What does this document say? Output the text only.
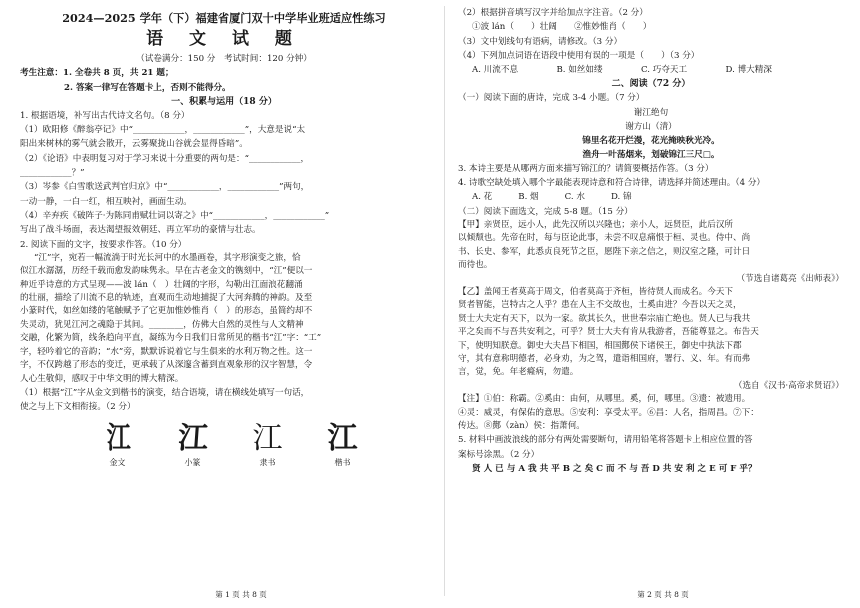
2024—2025 学年（下）福建省厦门双十中学毕业班适应性练习
语 文 试 题
（试卷满分：150 分　考试时间：120 分钟）
考生注意：1. 全卷共 8 页，共 21 题；
2. 答案一律写在答题卡上，否则不能得分。
一、积累与运用（18 分）
1. 根据语境，补写出古代诗文名句。（8 分）
（1）欧阳修《醉翁亭记》中“____________，____________”，大意是说“太
阳出来树林的雾气就会散开，云雾聚拢山谷就会显得昏暗”。
（2）《论语》中表明复习对于学习来说十分重要的两句是：“____________，
____________？”
（3）岑参《白雪歌送武判官归京》中“____________，____________”两句，
一动一静，一白一红，相互映衬，画面生动。
（4）辛弃疾《破阵子·为陈同甫赋壮词以寄之》中“____________，____________”
写出了战斗场面，表达渴望报效朝廷、再立军功的豪情与壮志。
2. 阅读下面的文字，按要求作答。（10 分）
“江”字，宛若一幅流淌于时光长河中的水墨画卷，其字形演变之旅，恰
似江水潺潺，历经千载而愈发韵味隽永。早在古老金文的镌刻中，“江”便以一
种近乎诗意的方式呈现——波 lán（　）壮阔的字形，勾勒出江面浪花翻涌
的壮丽，描绘了川流不息的轨迹，直观而生动地捕捉了大河奔腾的神韵。及至
小篆时代，如丝如缕的笔触赋予了它更加惟妙惟肖（　）的形态，虽简约却不
失灵动，犹见江河之魂隐于其间。________，仿佛大自然的灵性与人文精神
交融，化繁为简，线条趋向平直，凝练为今日我们日常所见的楷书“江”字：“工”
字，轻吟着它的音韵；“水”旁，默默诉说着它与生俱来的水利万物之性。这一
字，不仅跨越了形态的变迁，更承载了从深邃含蓄到直观象形的汉字智慧，令
人心生敬仰，感叹于中华文明的博大精深。
（1）根据“江”字从金文到楷书的演变，结合语境，请在横线处填写一句话，
使之与上下文相衔接。（2 分）
江	江	江	江
金文	小篆	隶书	楷书
第 1 页 共 8 页
（2）根据拼音填写汉字并给加点字注音。（2 分）
①波 lán（　　）壮阔　　②惟妙惟肖（　　）
（3）文中划线句有语病，请修改。（3 分）
（4）下列加点词语在语段中使用有误的一项是（　　）（3 分）
A. 川流不息	B. 如丝如缕	C. 巧夺天工	D. 博大精深
二、阅读（72 分）
（一）阅读下面的唐诗，完成 3-4 小题。（7 分）
谢江绝句
谢方山（清）
锦里名花开烂漫，花光掩映秋光冷。
渔舟一叶荡烟来，划破锦江三尺□。
3. 本诗主要是从哪两方面来描写锦江的？请简要概括作答。（3 分）
4. 诗歌空缺处填入哪个字最能表现诗意和符合诗律，请选择并简述理由。（4 分）
A. 花	B. 烟	C. 水	D. 锦
（二）阅读下面选文，完成 5-8 题。（15 分）
【甲】亲贤臣，远小人，此先汉所以兴隆也；亲小人，远贤臣，此后汉所
以倾颓也。先帝在时，每与臣论此事，未尝不叹息痛恨于桓、灵也。侍中、尚
书、长史、参军，此悉贞良死节之臣，愿陛下亲之信之，则汉室之隆，可计日
而待也。
（节选自诸葛亮《出师表》）
【乙】盖闻王者莫高于周文，伯者莫高于齐桓，皆待贤人而成名。今天下
贤者智能，岂特古之人乎？患在人主不交故也，士奚由进？今吾以天之灵，
贤士大夫定有天下，以为一家。欲其长久，世世奉宗庙亡绝也。贤人已与我共
平之矣而不与吾共安利之，可乎？贤士大夫有肯从我游者，吾能尊显之。布告天
下，使明知朕意。御史大夫昌下相国，相国酂侯下诸侯王，御史中执法下郡
守，其有意称明德者，必身劝，为之驾，遣诣相国府，署行、义、年。有而弗
言，觉，免。年老癃病，勿遣。
（选自《汉书·高帝求贤诏》）
【注】①伯：称霸。②奚由：由何，从哪里。奚，何，哪里。③遗：被遗用。
④灵：威灵，有保佑的意思。⑤安利：享受太平。⑥昌：人名，指周昌。⑦下：
传达。⑧酂（zàn）侯：指萧何。
5. 材料中画波浪线的部分有两处需要断句，请用铅笔将答题卡上相应位置的答
案标号涂黑。（2 分）
贤 人 已 与 A 我 共 平 B 之 矣 C 而 不 与 吾 D 共 安 利 之 E 可 F 乎？
第 2 页 共 8 页
